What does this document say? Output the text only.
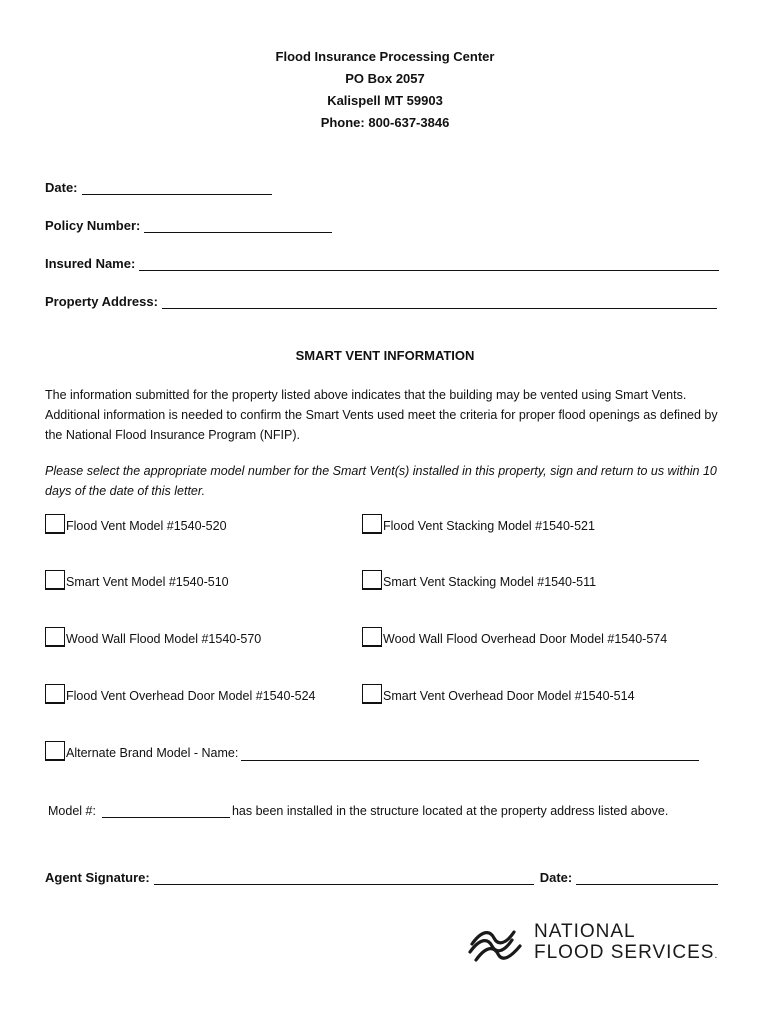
Flood Insurance Processing Center
PO Box 2057
Kalispell MT 59903
Phone: 800-637-3846
Date:
Policy Number:
Insured Name:
Property Address:
SMART VENT INFORMATION
The information submitted for the property listed above indicates that the building may be vented using Smart Vents. Additional information is needed to confirm the Smart Vents used meet the criteria for proper flood openings as defined by the National Flood Insurance Program (NFIP).
Please select the appropriate model number for the Smart Vent(s) installed in this property, sign and return to us within 10 days of the date of this letter.
Flood Vent Model #1540-520	Flood Vent Stacking Model #1540-521
Smart Vent Model #1540-510	Smart Vent Stacking Model #1540-511
Wood Wall Flood Model #1540-570	Wood Wall Flood Overhead Door Model #1540-574
Flood Vent Overhead Door Model #1540-524	Smart Vent Overhead Door Model #1540-514
Alternate Brand Model - Name:
Model #:	has been installed in the structure located at the property address listed above.
Agent Signature:	Date:
NATIONAL
FLOOD SERVICES.
